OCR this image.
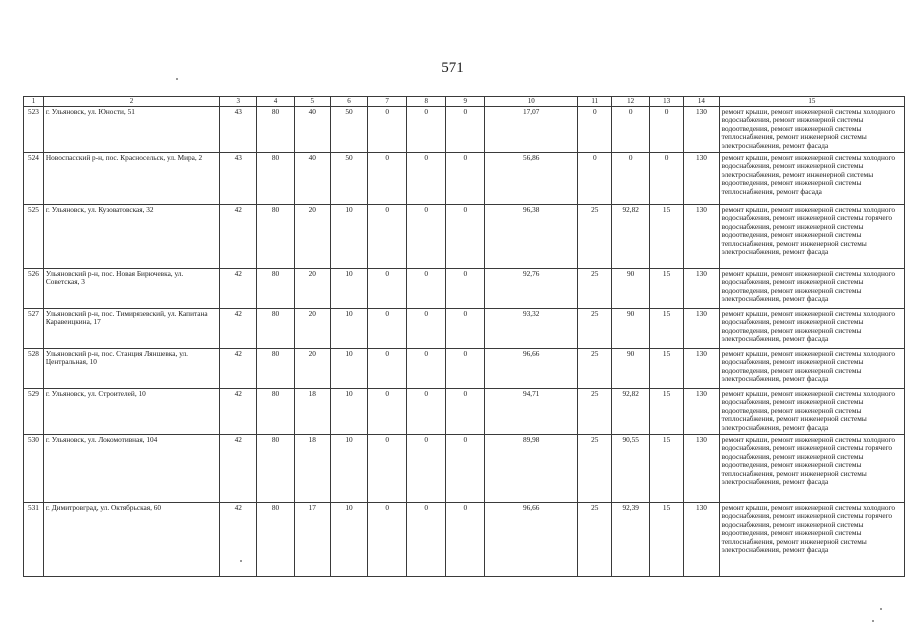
571
1	2	3	4	5	6	7	8	9	10	11	12	13	14	15
523	г. Ульяновск, ул. Юности, 51	43	80	40	50	0	0	0	17,07	0	0	0	130	ремонт крыши, ремонт инженерной системы холодного водоснабжения, ремонт инженерной системы водоотведения, ремонт инженерной системы теплоснабжения, ремонт инженерной системы электроснабжения, ремонт фасада
524	Новоспасский р-н, пос. Красносельск, ул. Мира, 2	43	80	40	50	0	0	0	56,86	0	0	0	130	ремонт крыши, ремонт инженерной системы холодного водоснабжения, ремонт инженерной системы электроснабжения, ремонт инженерной системы водоотведения, ремонт инженерной системы теплоснабжения, ремонт фасада
525	г. Ульяновск, ул. Кузоватовская, 32	42	80	20	10	0	0	0	96,38	25	92,82	15	130	ремонт крыши, ремонт инженерной системы холодного водоснабжения, ремонт инженерной системы горячего водоснабжения, ремонт инженерной системы водоотведения, ремонт инженерной системы теплоснабжения, ремонт инженерной системы электроснабжения, ремонт фасада
526	Ульяновский р-н, пос. Новая Бирючевка, ул. Советская, 3	42	80	20	10	0	0	0	92,76	25	90	15	130	ремонт крыши, ремонт инженерной системы холодного водоснабжения, ремонт инженерной системы водоотведения, ремонт инженерной системы электроснабжения, ремонт фасада
527	Ульяновский р-н, пос. Тимирязевский, ул. Капитана Каравеицкина, 17	42	80	20	10	0	0	0	93,32	25	90	15	130	ремонт крыши, ремонт инженерной системы холодного водоснабжения, ремонт инженерной системы водоотведения, ремонт инженерной системы электроснабжения, ремонт фасада
528	Ульяновский р-н, пос. Станция Ляншевка, ул. Центральная, 10	42	80	20	10	0	0	0	96,66	25	90	15	130	ремонт крыши, ремонт инженерной системы холодного водоснабжения, ремонт инженерной системы водоотведения, ремонт инженерной системы электроснабжения, ремонт фасада
529	г. Ульяновск, ул. Строителей, 10	42	80	18	10	0	0	0	94,71	25	92,82	15	130	ремонт крыши, ремонт инженерной системы холодного водоснабжения, ремонт инженерной системы водоотведения, ремонт инженерной системы теплоснабжения, ремонт инженерной системы электроснабжения, ремонт фасада
530	г. Ульяновск, ул. Локомотивная, 104	42	80	18	10	0	0	0	89,98	25	90,55	15	130	ремонт крыши, ремонт инженерной системы холодного водоснабжения, ремонт инженерной системы горячего водоснабжения, ремонт инженерной системы водоотведения, ремонт инженерной системы теплоснабжения, ремонт инженерной системы электроснабжения, ремонт фасада
531	г. Димитровград, ул. Октябрьская, 60	42	80	17	10	0	0	0	96,66	25	92,39	15	130	ремонт крыши, ремонт инженерной системы холодного водоснабжения, ремонт инженерной системы горячего водоснабжения, ремонт инженерной системы водоотведения, ремонт инженерной системы теплоснабжения, ремонт инженерной системы электроснабжения, ремонт фасада
